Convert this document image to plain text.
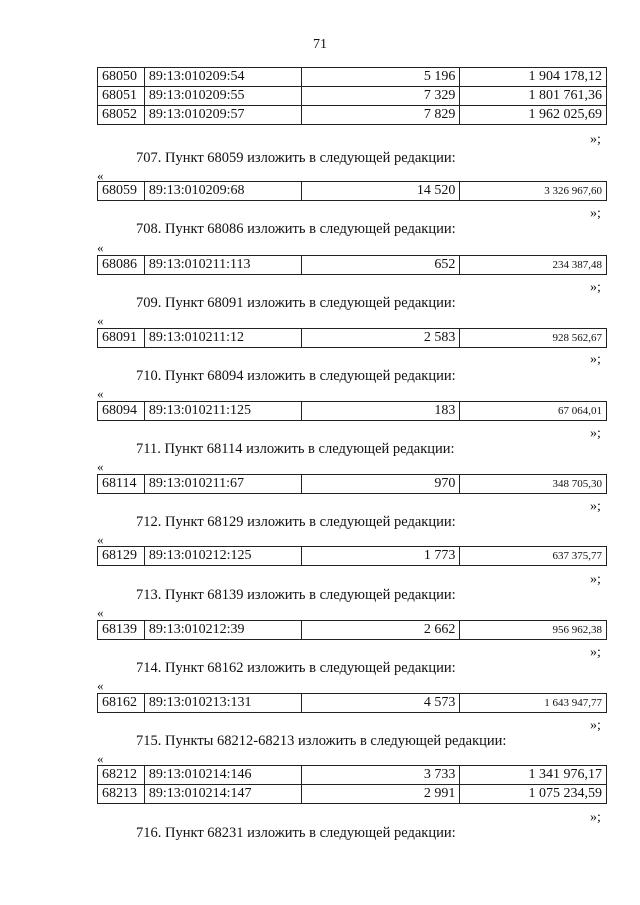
71
68050	89:13:010209:54	5 196	1 904 178,12
68051	89:13:010209:55	7 329	1 801 761,36
68052	89:13:010209:57	7 829	1 962 025,69
»;
707. Пункт 68059 изложить в следующей редакции:
«
68059	89:13:010209:68	14 520	3 326 967,60
»;
708. Пункт 68086 изложить в следующей редакции:
«
68086	89:13:010211:113	652	234 387,48
»;
709. Пункт 68091 изложить в следующей редакции:
«
68091	89:13:010211:12	2 583	928 562,67
»;
710. Пункт 68094 изложить в следующей редакции:
«
68094	89:13:010211:125	183	67 064,01
»;
711. Пункт 68114 изложить в следующей редакции:
«
68114	89:13:010211:67	970	348 705,30
»;
712. Пункт 68129 изложить в следующей редакции:
«
68129	89:13:010212:125	1 773	637 375,77
»;
713. Пункт 68139 изложить в следующей редакции:
«
68139	89:13:010212:39	2 662	956 962,38
»;
714. Пункт 68162 изложить в следующей редакции:
«
68162	89:13:010213:131	4 573	1 643 947,77
»;
715. Пункты 68212-68213 изложить в следующей редакции:
«
68212	89:13:010214:146	3 733	1 341 976,17
68213	89:13:010214:147	2 991	1 075 234,59
»;
716. Пункт 68231 изложить в следующей редакции:
